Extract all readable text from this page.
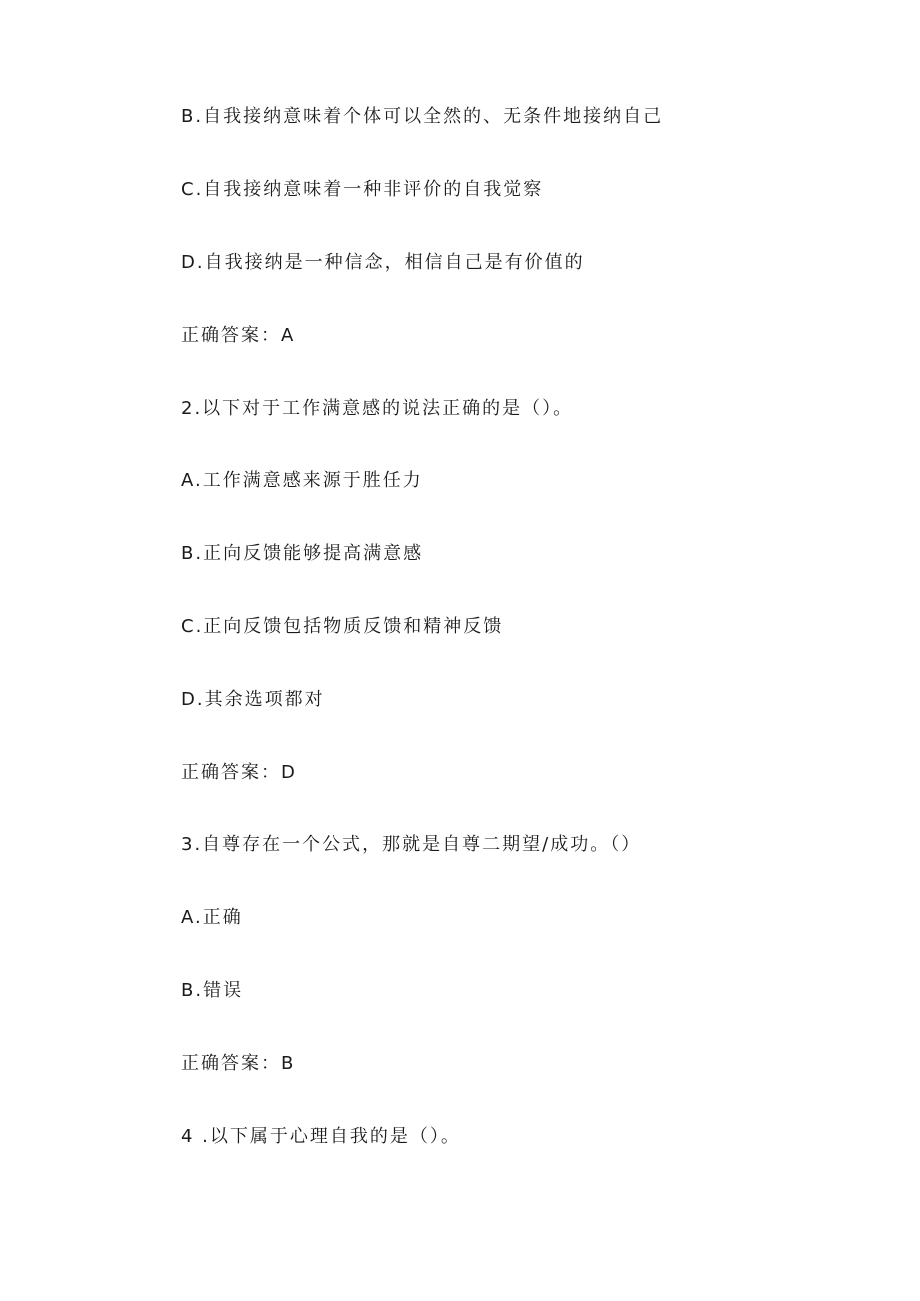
B.自我接纳意味着个体可以全然的、无条件地接纳自己
C.自我接纳意味着一种非评价的自我觉察
D.自我接纳是一种信念，相信自己是有价值的
正确答案：A
2.以下对于工作满意感的说法正确的是（）。
A.工作满意感来源于胜任力
B.正向反馈能够提高满意感
C.正向反馈包括物质反馈和精神反馈
D.其余选项都对
正确答案：D
3.自尊存在一个公式，那就是自尊二期望/成功。（）
A.正确
B.错误
正确答案：B
4 .以下属于心理自我的是（）。
